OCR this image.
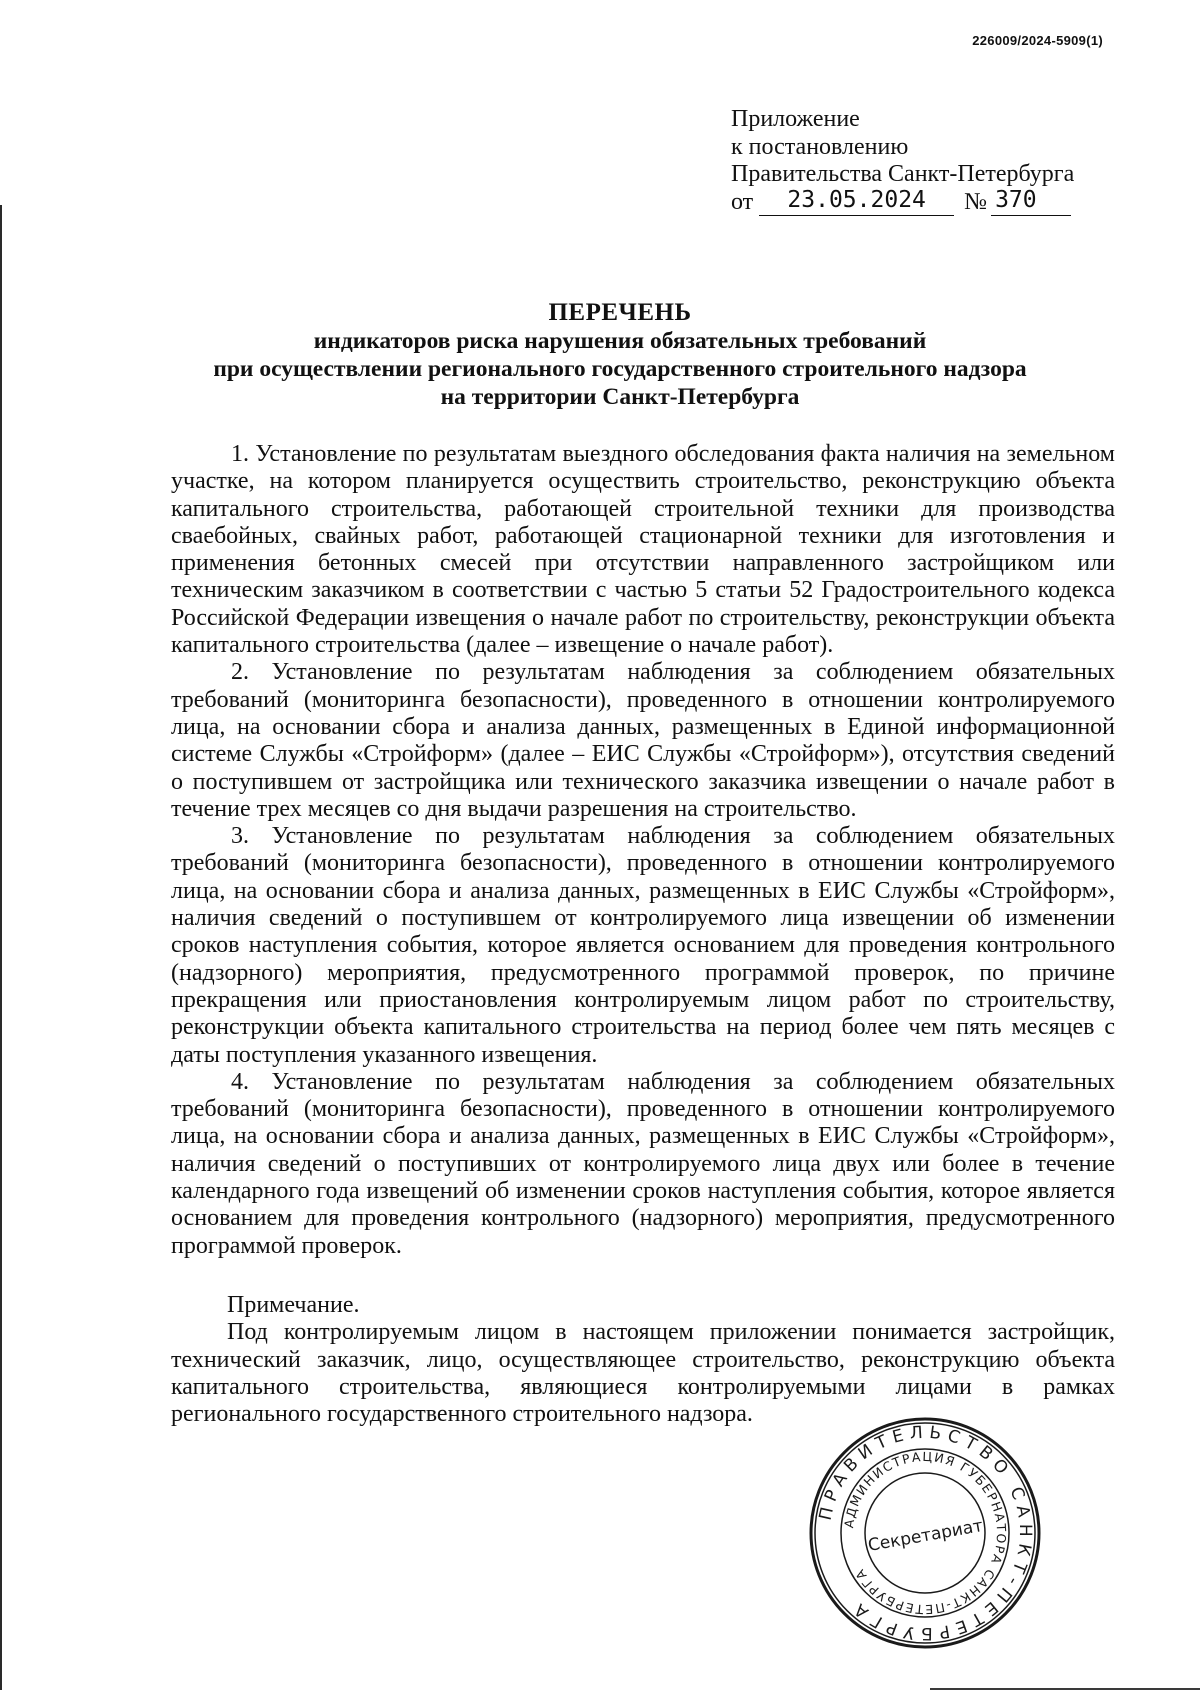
226009/2024-5909(1)
Приложение
к постановлению
Правительства Санкт-Петербурга
от 23.05.2024 № 370
ПЕРЕЧЕНЬ
индикаторов риска нарушения обязательных требований
при осуществлении регионального государственного строительного надзора
на территории Санкт-Петербурга

1. Установление по результатам выездного обследования факта наличия на земельном участке, на котором планируется осуществить строительство, реконструкцию объекта капитального строительства, работающей строительной техники для производства сваебойных, свайных работ, работающей стационарной техники для изготовления и применения бетонных смесей при отсутствии направленного застройщиком или техническим заказчиком в соответствии с частью 5 статьи 52 Градостроительного кодекса Российской Федерации извещения о начале работ по строительству, реконструкции объекта капитального строительства (далее – извещение о начале работ).

2. Установление по результатам наблюдения за соблюдением обязательных требований (мониторинга безопасности), проведенного в отношении контролируемого лица, на основании сбора и анализа данных, размещенных в Единой информационной системе Службы «Стройформ» (далее – ЕИС Службы «Стройформ»), отсутствия сведений о поступившем от застройщика или технического заказчика извещении о начале работ в течение трех месяцев со дня выдачи разрешения на строительство.

3. Установление по результатам наблюдения за соблюдением обязательных требований (мониторинга безопасности), проведенного в отношении контролируемого лица, на основании сбора и анализа данных, размещенных в ЕИС Службы «Стройформ», наличия сведений о поступившем от контролируемого лица извещении об изменении сроков наступления события, которое является основанием для проведения контрольного (надзорного) мероприятия, предусмотренного программой проверок, по причине прекращения или приостановления контролируемым лицом работ по строительству, реконструкции объекта капитального строительства на период более чем пять месяцев с даты поступления указанного извещения.

4. Установление по результатам наблюдения за соблюдением обязательных требований (мониторинга безопасности), проведенного в отношении контролируемого лица, на основании сбора и анализа данных, размещенных в ЕИС Службы «Стройформ», наличия сведений о поступивших от контролируемого лица двух или более в течение календарного года извещений об изменении сроков наступления события, которое является основанием для проведения контрольного (надзорного) мероприятия, предусмотренного программой проверок.

Примечание.

Под контролируемым лицом в настоящем приложении понимается застройщик, технический заказчик, лицо, осуществляющее строительство, реконструкцию объекта капитального строительства, являющиеся контролируемыми лицами в рамках регионального государственного строительного надзора.

ПРАВИТЕЛЬСТВО САНКТ-ПЕТЕРБУРГА
АДМИНИСТРАЦИЯ ГУБЕРНАТОРА САНКТ-ПЕТЕРБУРГА
Секретариат
